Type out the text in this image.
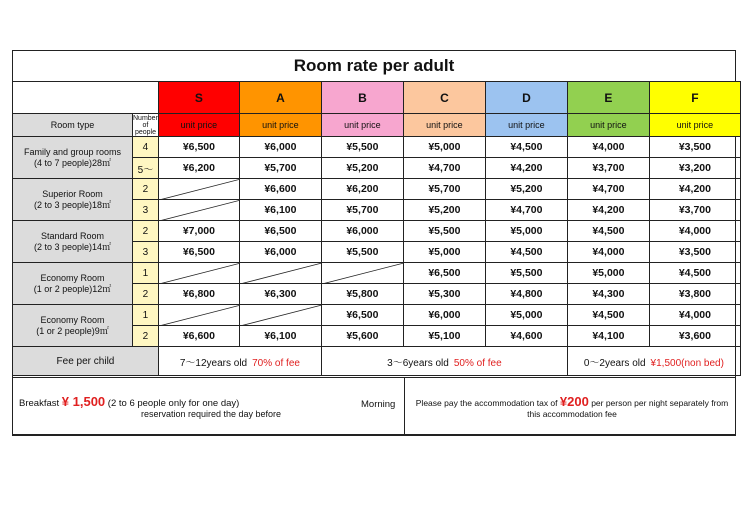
Room rate per adult
		S	A	B	C	D	E	F
Room type	Number of people	unit price	unit price	unit price	unit price	unit price	unit price	unit price

Family and group rooms
(4 to 7 people)28㎡	4	¥6,500	¥6,000	¥5,500	¥5,000	¥4,500	¥4,000	¥3,500
	5～	¥6,200	¥5,700	¥5,200	¥4,700	¥4,200	¥3,700	¥3,200

Superior Room
(2 to 3 people)18㎡	2		¥6,600	¥6,200	¥5,700	¥5,200	¥4,700	¥4,200
	3		¥6,100	¥5,700	¥5,200	¥4,700	¥4,200	¥3,700

Standard Room
(2 to 3 people)14㎡	2	¥7,000	¥6,500	¥6,000	¥5,500	¥5,000	¥4,500	¥4,000
	3	¥6,500	¥6,000	¥5,500	¥5,000	¥4,500	¥4,000	¥3,500

Economy Room
(1 or 2 people)12㎡	1				¥6,500	¥5,500	¥5,000	¥4,500
	2	¥6,800	¥6,300	¥5,800	¥5,300	¥4,800	¥4,300	¥3,800

Economy Room
(1 or 2 people)9㎡	1			¥6,500	¥6,000	¥5,000	¥4,500	¥4,000
	2	¥6,600	¥6,100	¥5,600	¥5,100	¥4,600	¥4,100	¥3,600
Fee per child		7～12years old  70% of fee		3～6years old  50% of fee			0～2years old  ¥1,500(non bed)	
Breakfast ¥ 1,500 (2 to 6 people only for one day)	Morning
reservation required the day before
Please pay the accommodation tax of ¥200 per person per night separately from this accommodation fee
